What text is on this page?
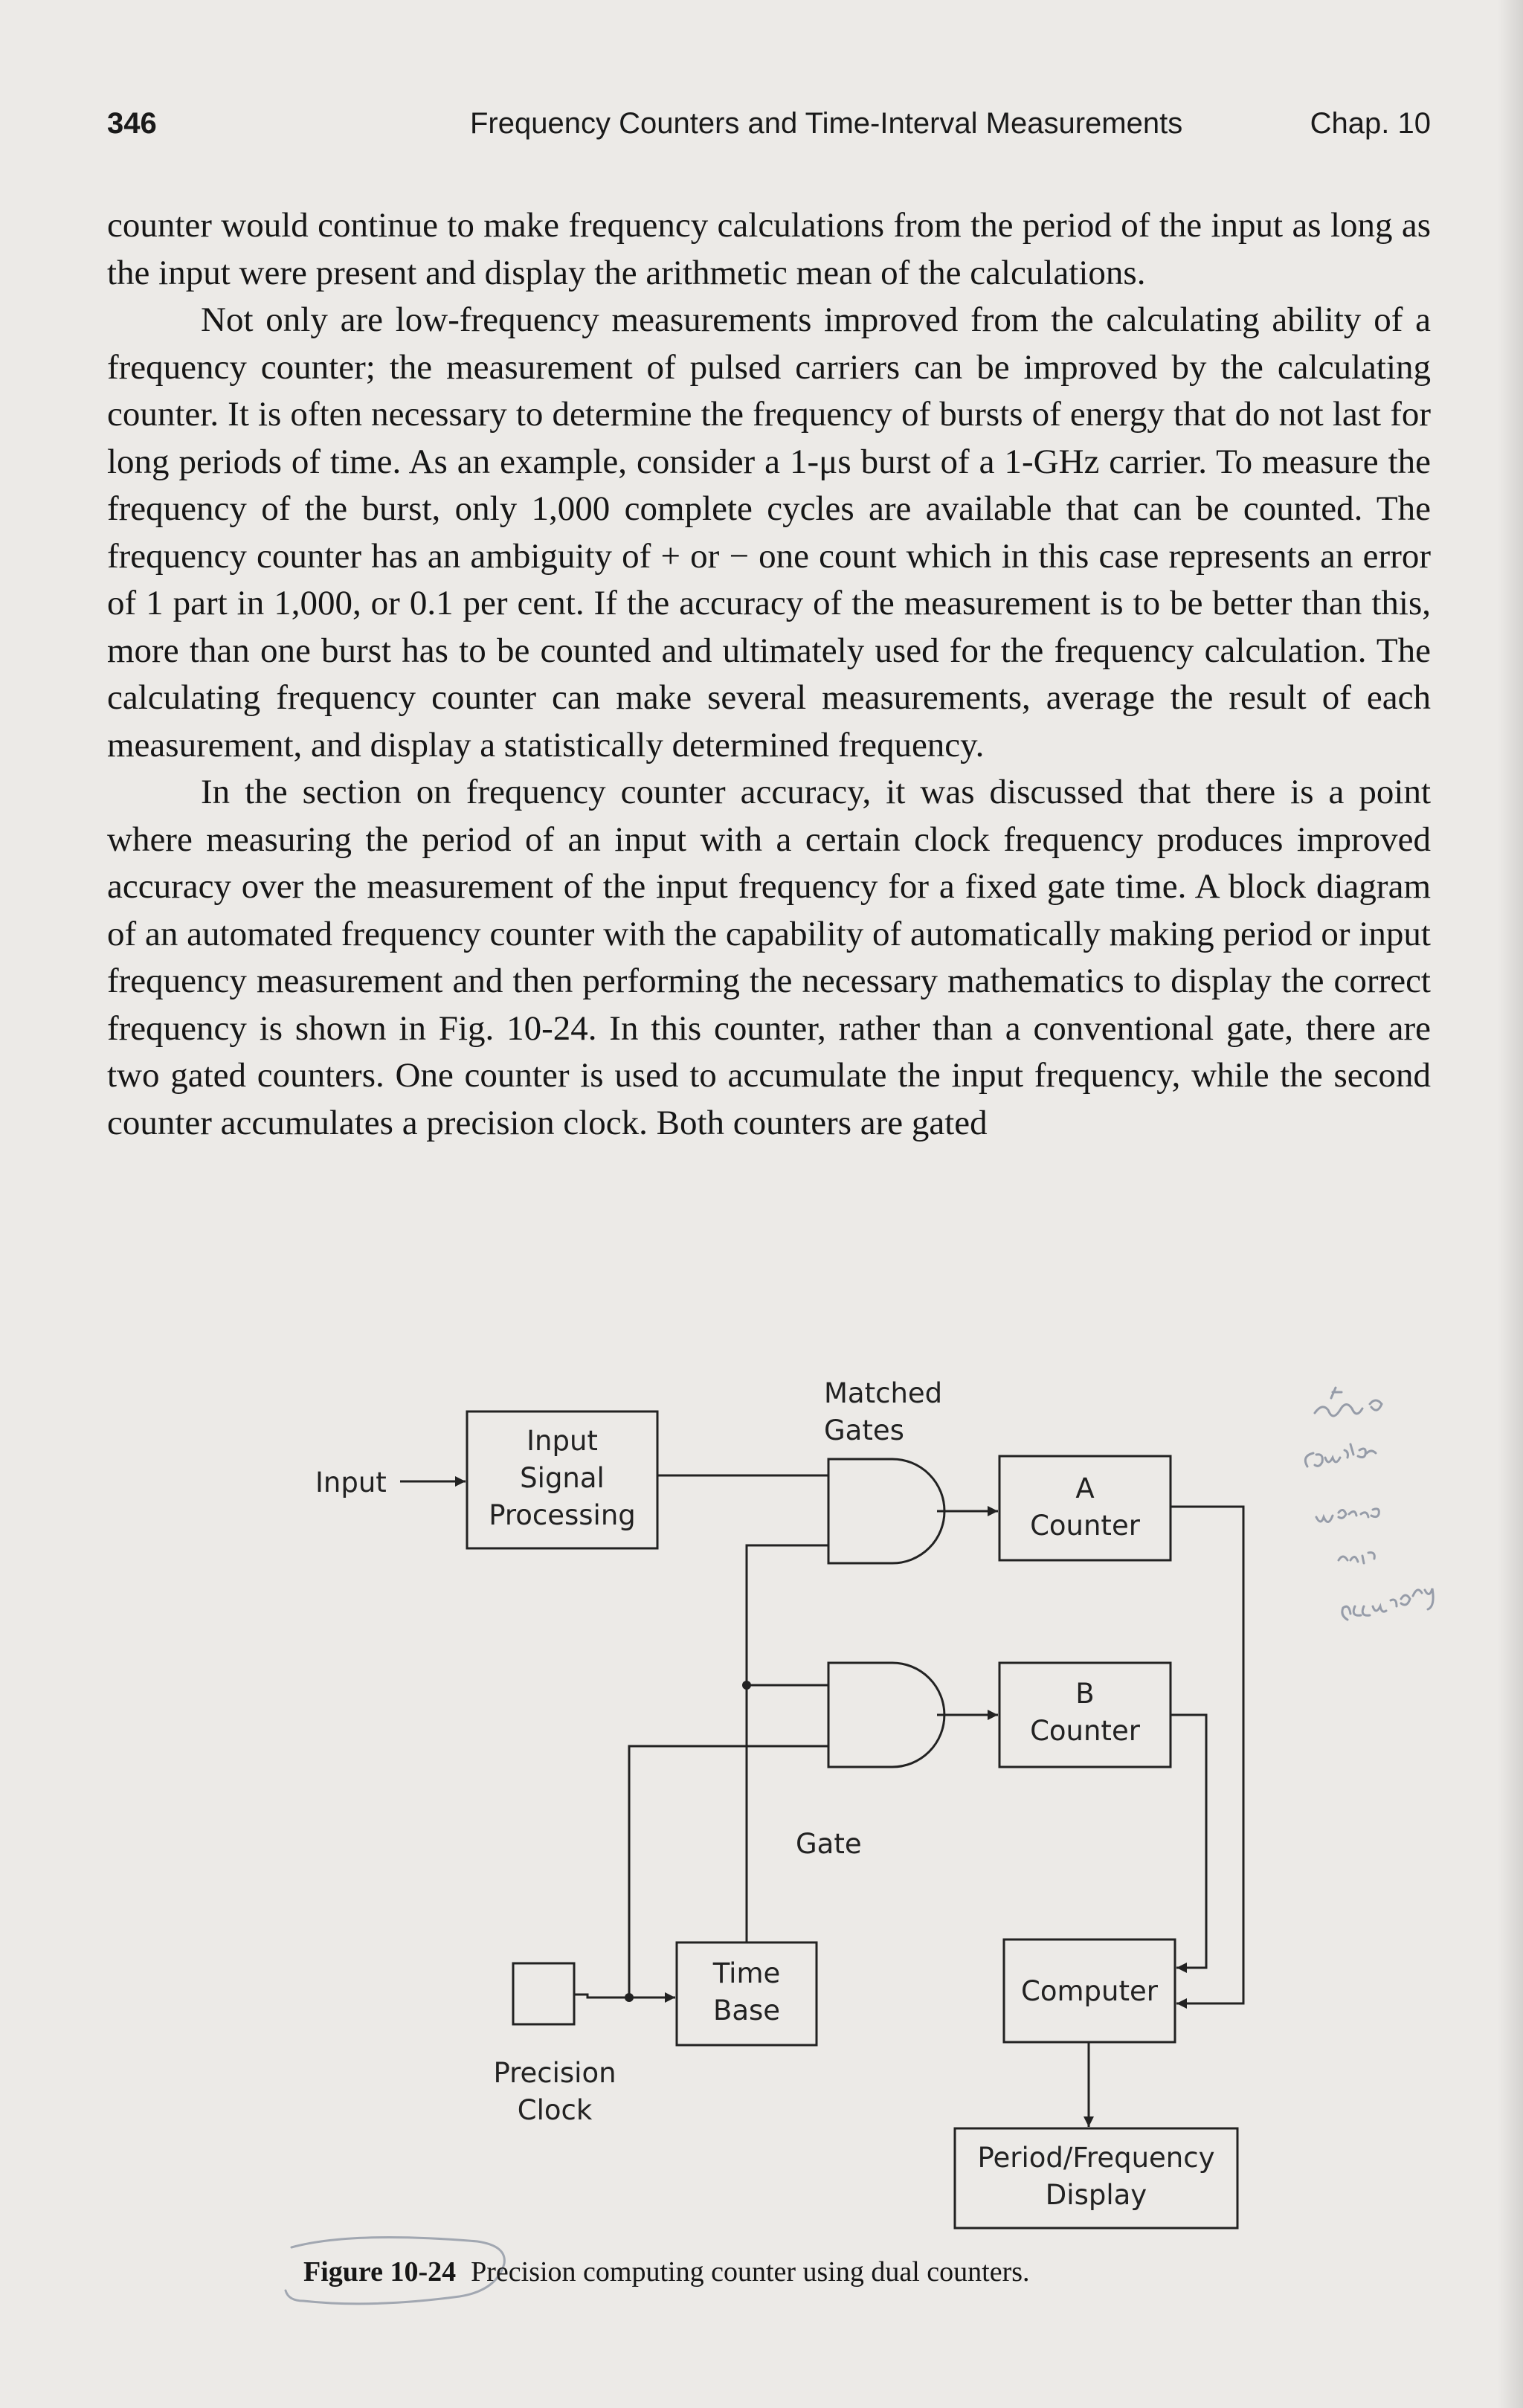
346	Frequency Counters and Time-Interval Measurements	Chap. 10

counter would continue to make frequency calculations from the period of the input as long as the input were present and display the arithmetic mean of the calculations.

Not only are low-frequency measurements improved from the calculating ability of a frequency counter; the measurement of pulsed carriers can be improved by the calculating counter. It is often necessary to determine the frequency of bursts of energy that do not last for long periods of time. As an example, consider a 1-μs burst of a 1-GHz carrier. To measure the frequency of the burst, only 1,000 complete cycles are available that can be counted. The frequency counter has an ambiguity of + or − one count which in this case represents an error of 1 part in 1,000, or 0.1 per cent. If the accuracy of the measurement is to be better than this, more than one burst has to be counted and ultimately used for the frequency calculation. The calculating frequency counter can make several measurements, average the result of each measurement, and display a statistically determined frequency.

In the section on frequency counter accuracy, it was discussed that there is a point where measuring the period of an input with a certain clock frequency produces improved accuracy over the measurement of the input frequency for a fixed gate time. A block diagram of an automated frequency counter with the capability of automatically making period or input frequency measurement and then performing the necessary mathematics to display the correct frequency is shown in Fig. 10-24. In this counter, rather than a conventional gate, there are two gated counters. One counter is used to accumulate the input frequency, while the second counter accumulates a precision clock. Both counters are gated

Input
Input
Signal
Processing
Matched
Gates
A
Counter
B
Counter
Gate
Time
Base
Computer
Precision
Clock
Period/Frequency
Display
Figure 10-24 Precision computing counter using dual counters.
